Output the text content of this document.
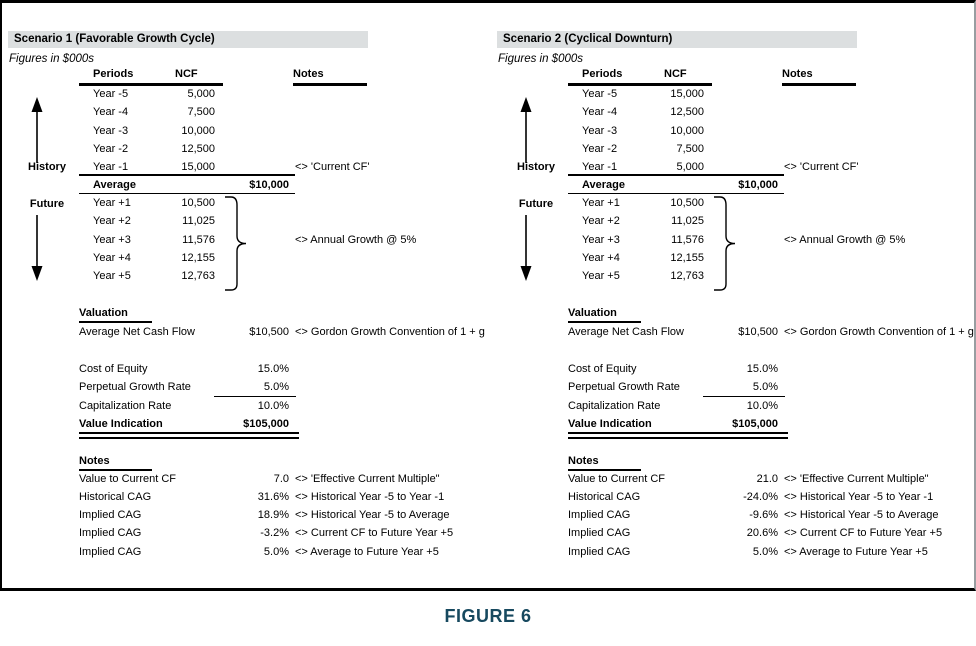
Scenario 1 (Favorable Growth Cycle)
Figures in $000s
Periods	NCF	Notes
History
Year -5	5,000
Year -4	7,500
Year -3	10,000
Year -2	12,500
Year -1	15,000	<> 'Current CF'
Average	$10,000
Future	Year +1	10,500
Year +2	11,025
Year +3	11,576
Year +4	12,155
Year +5	12,763
<> Annual Growth @ 5%
Valuation
Average Net Cash Flow	$10,500 <> Gordon Growth Convention of 1 + g
Cost of Equity	15.0%
Perpetual Growth Rate	5.0%
Capitalization Rate	10.0%
Value Indication	$105,000
Notes
Value to Current CF	7.0 <> 'Effective Current Multiple"
Historical CAG	31.6% <> Historical Year -5 to Year -1
Implied CAG	18.9% <> Historical Year -5 to Average
Implied CAG	-3.2% <> Current CF to Future Year +5
Implied CAG	5.0% <> Average to Future Year +5
Scenario 2 (Cyclical Downturn)
Figures in $000s
Periods	NCF	Notes
History
Year -5	15,000
Year -4	12,500
Year -3	10,000
Year -2	7,500
Year -1	5,000	<> 'Current CF'
Average	$10,000
Future	Year +1	10,500
Year +2	11,025
Year +3	11,576
Year +4	12,155
Year +5	12,763
<> Annual Growth @ 5%
Valuation
Average Net Cash Flow	$10,500 <> Gordon Growth Convention of 1 + g
Cost of Equity	15.0%
Perpetual Growth Rate	5.0%
Capitalization Rate	10.0%
Value Indication	$105,000
Notes
Value to Current CF	21.0 <> 'Effective Current Multiple"
Historical CAG	-24.0% <> Historical Year -5 to Year -1
Implied CAG	-9.6% <> Historical Year -5 to Average
Implied CAG	20.6% <> Current CF to Future Year +5
Implied CAG	5.0% <> Average to Future Year +5
FIGURE 6
